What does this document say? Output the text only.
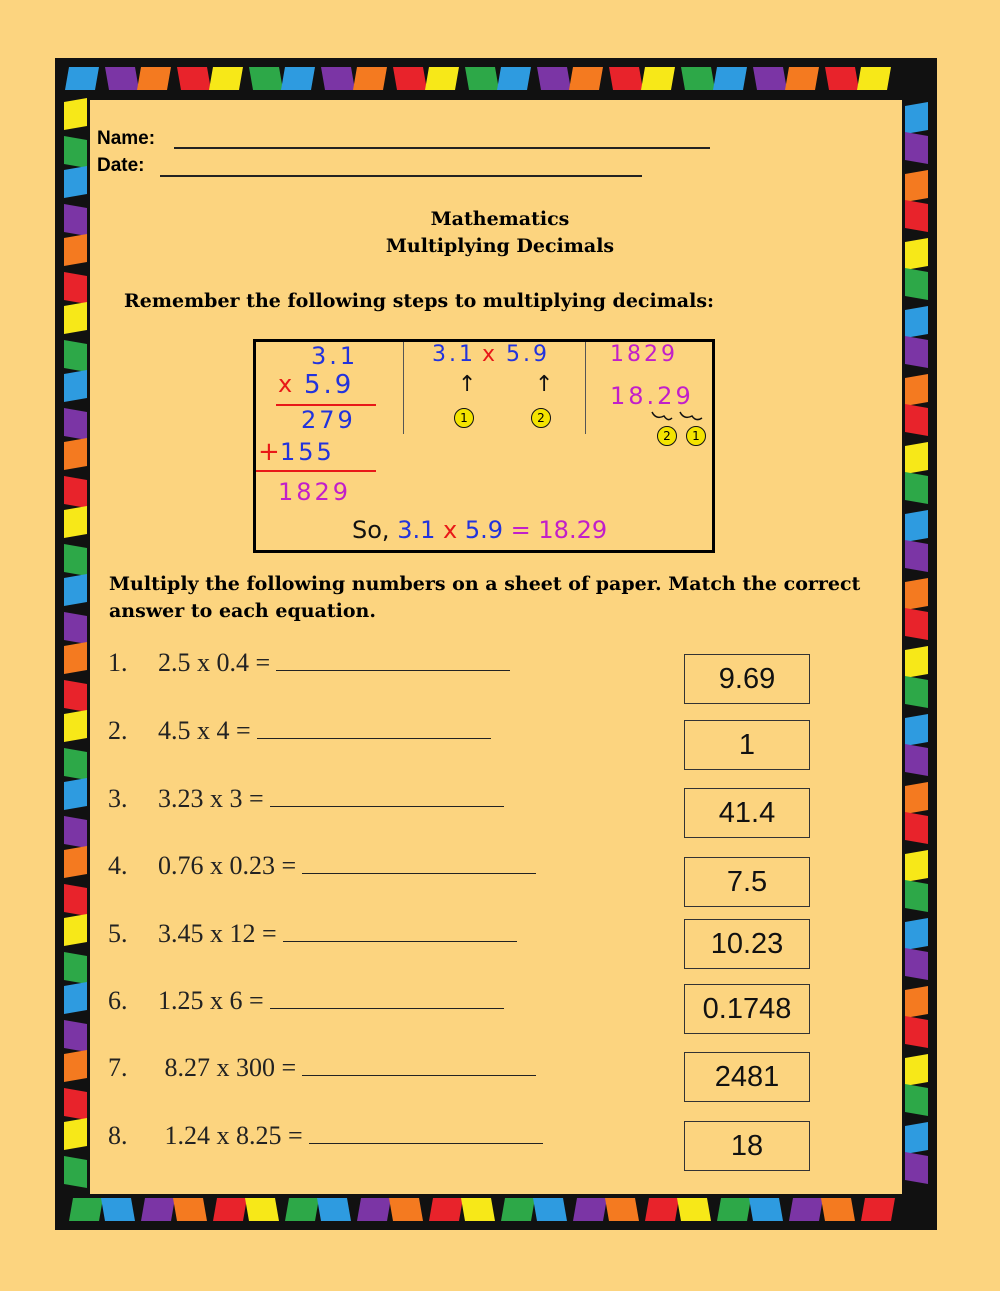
Name:
Date:
Mathematics
Multiplying Decimals
Remember the following steps to multiplying decimals:
3.1
x 5.9
279
+
155
1829
3.1 x 5.9
↑	↑
1	2
1829
18.29
2	1
So, 3.1 x 5.9 = 18.29
Multiply the following numbers on a sheet of paper. Match the correct answer to each equation.
1. 2.5 x 0.4 =
2. 4.5 x 4 =
3. 3.23 x 3 =
4. 0.76 x 0.23 =
5. 3.45 x 12 =
6. 1.25 x 6 =
7. 8.27 x 300 =
8. 1.24 x 8.25 =
9.69
1
41.4
7.5
10.23
0.1748
2481
18
